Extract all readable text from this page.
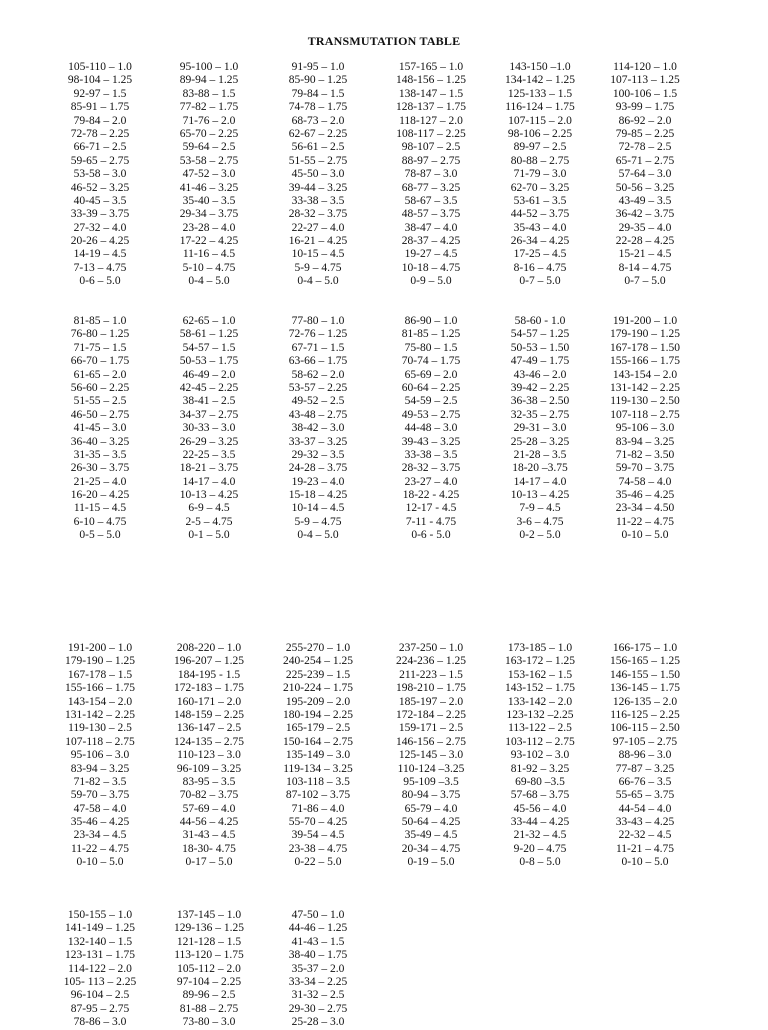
TRANSMUTATION TABLE
105-110 – 1.0
98-104 – 1.25
92-97 – 1.5
85-91 – 1.75
79-84 – 2.0
72-78 – 2.25
66-71 – 2.5
59-65 – 2.75
53-58 – 3.0
46-52 – 3.25
40-45 – 3.5
33-39 – 3.75
27-32 – 4.0
20-26 – 4.25
14-19 – 4.5
7-13 – 4.75
0-6 – 5.0
95-100 – 1.0
89-94 – 1.25
83-88 – 1.5
77-82 – 1.75
71-76 – 2.0
65-70 – 2.25
59-64 – 2.5
53-58 – 2.75
47-52 – 3.0
41-46 – 3.25
35-40 – 3.5
29-34 – 3.75
23-28 – 4.0
17-22 – 4.25
11-16 – 4.5
5-10 – 4.75
0-4 – 5.0
91-95 – 1.0
85-90 – 1.25
79-84 – 1.5
74-78 – 1.75
68-73 – 2.0
62-67 – 2.25
56-61 – 2.5
51-55 – 2.75
45-50 – 3.0
39-44 – 3.25
33-38 – 3.5
28-32 – 3.75
22-27 – 4.0
16-21 – 4.25
10-15 – 4.5
5-9 – 4.75
0-4 – 5.0
157-165 – 1.0
148-156 – 1.25
138-147 – 1.5
128-137 – 1.75
118-127 – 2.0
108-117 – 2.25
98-107 – 2.5
88-97 – 2.75
78-87 – 3.0
68-77 – 3.25
58-67 – 3.5
48-57 – 3.75
38-47 – 4.0
28-37 – 4.25
19-27 – 4.5
10-18 – 4.75
0-9 – 5.0
143-150 –1.0
134-142 – 1.25
125-133 – 1.5
116-124 – 1.75
107-115 – 2.0
98-106 – 2.25
89-97 – 2.5
80-88 – 2.75
71-79 – 3.0
62-70 – 3.25
53-61 – 3.5
44-52 – 3.75
35-43 – 4.0
26-34 – 4.25
17-25 – 4.5
8-16 – 4.75
0-7 – 5.0
114-120 – 1.0
107-113 – 1.25
100-106 – 1.5
93-99 – 1.75
86-92 – 2.0
79-85 – 2.25
72-78 – 2.5
65-71 – 2.75
57-64 – 3.0
50-56 – 3.25
43-49 – 3.5
36-42 – 3.75
29-35 – 4.0
22-28 – 4.25
15-21 – 4.5
8-14 – 4.75
0-7 – 5.0
81-85 – 1.0
76-80 – 1.25
71-75 – 1.5
66-70 – 1.75
61-65 – 2.0
56-60 – 2.25
51-55 – 2.5
46-50 – 2.75
41-45 – 3.0
36-40 – 3.25
31-35 – 3.5
26-30 – 3.75
21-25 – 4.0
16-20 – 4.25
11-15 – 4.5
6-10 – 4.75
0-5 – 5.0
62-65 – 1.0
58-61 – 1.25
54-57 – 1.5
50-53 – 1.75
46-49 – 2.0
42-45 – 2.25
38-41 – 2.5
34-37 – 2.75
30-33 – 3.0
26-29 – 3.25
22-25 – 3.5
18-21 – 3.75
14-17 – 4.0
10-13 – 4.25
6-9 – 4.5
2-5 – 4.75
0-1 – 5.0
77-80 – 1.0
72-76 – 1.25
67-71 – 1.5
63-66 – 1.75
58-62 – 2.0
53-57 – 2.25
49-52 – 2.5
43-48 – 2.75
38-42 – 3.0
33-37 – 3.25
29-32 – 3.5
24-28 – 3.75
19-23 – 4.0
15-18 – 4.25
10-14 – 4.5
5-9 – 4.75
0-4 – 5.0
86-90 – 1.0
81-85 – 1.25
75-80 – 1.5
70-74 – 1.75
65-69 – 2.0
60-64 – 2.25
54-59 – 2.5
49-53 – 2.75
44-48 – 3.0
39-43 – 3.25
33-38 – 3.5
28-32 – 3.75
23-27 – 4.0
18-22 - 4.25
12-17 - 4.5
7-11 - 4.75
0-6 - 5.0
58-60 - 1.0
54-57 – 1.25
50-53 – 1.50
47-49 – 1.75
43-46 – 2.0
39-42 – 2.25
36-38 – 2.50
32-35 – 2.75
29-31 – 3.0
25-28 – 3.25
21-28 – 3.5
18-20 –3.75
14-17 – 4.0
10-13 – 4.25
7-9 – 4.5
3-6 – 4.75
0-2 – 5.0
191-200 – 1.0
179-190 – 1.25
167-178 – 1.50
155-166 – 1.75
143-154 – 2.0
131-142 – 2.25
119-130 – 2.50
107-118 – 2.75
95-106 – 3.0
83-94 – 3.25
71-82 – 3.50
59-70 – 3.75
74-58 – 4.0
35-46 – 4.25
23-34 – 4.50
11-22 – 4.75
0-10 – 5.0
191-200 – 1.0
179-190 – 1.25
167-178 – 1.5
155-166 – 1.75
143-154 – 2.0
131-142 – 2.25
119-130 – 2.5
107-118 – 2.75
95-106 – 3.0
83-94 – 3.25
71-82 – 3.5
59-70 – 3.75
47-58 – 4.0
35-46 – 4.25
23-34 – 4.5
11-22 – 4.75
0-10 – 5.0
208-220 – 1.0
196-207 – 1.25
184-195 - 1.5
172-183 – 1.75
160-171 – 2.0
148-159 – 2.25
136-147 – 2.5
124-135 – 2.75
110-123 – 3.0
96-109 – 3.25
83-95 – 3.5
70-82 – 3.75
57-69 – 4.0
44-56 – 4.25
31-43 – 4.5
18-30- 4.75
0-17 – 5.0
255-270 – 1.0
240-254 – 1.25
225-239 – 1.5
210-224 – 1.75
195-209 – 2.0
180-194 – 2.25
165-179 – 2.5
150-164 – 2.75
135-149 – 3.0
119-134 – 3.25
103-118 – 3.5
87-102 – 3.75
71-86 – 4.0
55-70 – 4.25
39-54 – 4.5
23-38 – 4.75
0-22 – 5.0
237-250 – 1.0
224-236 – 1.25
211-223 – 1.5
198-210 – 1.75
185-197 – 2.0
172-184 – 2.25
159-171 – 2.5
146-156 – 2.75
125-145 – 3.0
110-124 –3.25
95-109 –3.5
80-94 – 3.75
65-79 – 4.0
50-64 – 4.25
35-49 – 4.5
20-34 – 4.75
0-19 – 5.0
173-185 – 1.0
163-172 – 1.25
153-162 – 1.5
143-152 – 1.75
133-142 – 2.0
123-132 –2.25
113-122 – 2.5
103-112 – 2.75
93-102 – 3.0
81-92 – 3.25
69-80 –3.5
57-68 – 3.75
45-56 – 4.0
33-44 – 4.25
21-32 – 4.5
9-20 – 4.75
0-8 – 5.0
166-175 – 1.0
156-165 – 1.25
146-155 – 1.50
136-145 – 1.75
126-135 – 2.0
116-125 – 2.25
106-115 – 2.50
97-105 – 2.75
88-96 – 3.0
77-87 – 3.25
66-76 – 3.5
55-65 – 3.75
44-54 – 4.0
33-43 – 4.25
22-32 – 4.5
11-21 – 4.75
0-10 – 5.0
150-155 – 1.0
141-149 – 1.25
132-140 – 1.5
123-131 – 1.75
114-122 – 2.0
105- 113 – 2.25
96-104 – 2.5
87-95 – 2.75
78-86 – 3.0
137-145 – 1.0
129-136 – 1.25
121-128 – 1.5
113-120 – 1.75
105-112 – 2.0
97-104 – 2.25
89-96 – 2.5
81-88 – 2.75
73-80 – 3.0
47-50 – 1.0
44-46 – 1.25
41-43 – 1.5
38-40 – 1.75
35-37 – 2.0
33-34 – 2.25
31-32 – 2.5
29-30 – 2.75
25-28 – 3.0
